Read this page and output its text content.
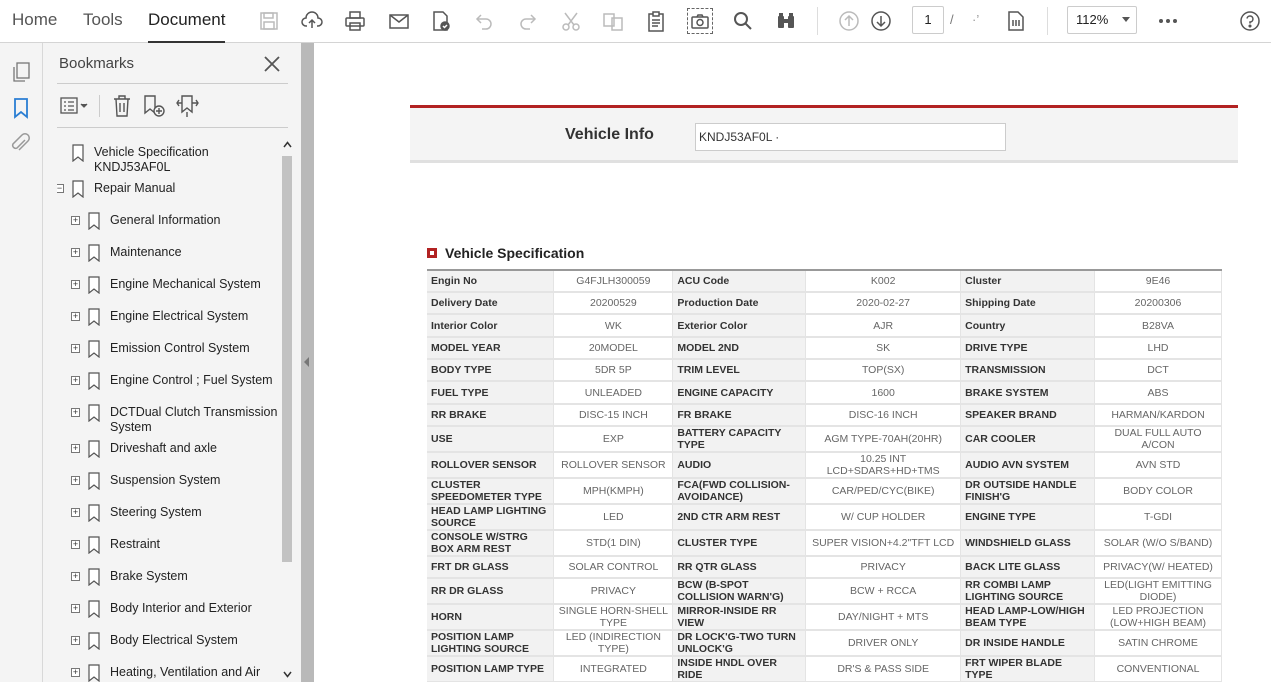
Home Tools Document	1	/ ·’	112%
Bookmarks
Vehicle Specification KNDJ53AF0L
−	Repair Manual
+	General Information
+	Maintenance
+	Engine Mechanical System
+	Engine Electrical System
+	Emission Control System
+	Engine Control ; Fuel System
+	DCTDual Clutch Transmission System
+	Driveshaft and axle
+	Suspension System
+	Steering System
+	Restraint
+	Brake System
+	Body Interior and Exterior
+	Body Electrical System
+	Heating, Ventilation and Air
Vehicle Info	KNDJ53AF0L ·
Vehicle Specification
Engin No	G4FJLH300059	ACU Code	K002	Cluster	9E46
Delivery Date	20200529	Production Date	2020-02-27	Shipping Date	20200306
Interior Color	WK	Exterior Color	AJR	Country	B28VA
MODEL YEAR	20MODEL	MODEL 2ND	SK	DRIVE TYPE	LHD
BODY TYPE	5DR 5P	TRIM LEVEL	TOP(SX)	TRANSMISSION	DCT
FUEL TYPE	UNLEADED	ENGINE CAPACITY	1600	BRAKE SYSTEM	ABS
RR BRAKE	DISC-15 INCH	FR BRAKE	DISC-16 INCH	SPEAKER BRAND	HARMAN/KARDON
USE	EXP	BATTERY CAPACITY TYPE	AGM TYPE-70AH(20HR)	CAR COOLER	DUAL FULL AUTO A/CON
ROLLOVER SENSOR	ROLLOVER SENSOR	AUDIO	10.25 INT LCD+SDARS+HD+TMS	AUDIO AVN SYSTEM	AVN STD
CLUSTER SPEEDOMETER TYPE	MPH(KMPH)	FCA(FWD COLLISION-AVOIDANCE)	CAR/PED/CYC(BIKE)	DR OUTSIDE HANDLE FINISH'G	BODY COLOR
HEAD LAMP LIGHTING SOURCE	LED	2ND CTR ARM REST	W/ CUP HOLDER	ENGINE TYPE	T-GDI
CONSOLE W/STRG BOX ARM REST	STD(1 DIN)	CLUSTER TYPE	SUPER VISION+4.2"TFT LCD	WINDSHIELD GLASS	SOLAR (W/O S/BAND)
FRT DR GLASS	SOLAR CONTROL	RR QTR GLASS	PRIVACY	BACK LITE GLASS	PRIVACY(W/ HEATED)
RR DR GLASS	PRIVACY	BCW (B-SPOT COLLISION WARN'G)	BCW + RCCA	RR COMBI LAMP LIGHTING SOURCE	LED(LIGHT EMITTING DIODE)
HORN	SINGLE HORN-SHELL TYPE	MIRROR-INSIDE RR VIEW	DAY/NIGHT + MTS	HEAD LAMP-LOW/HIGH BEAM TYPE	LED PROJECTION (LOW+HIGH BEAM)
POSITION LAMP LIGHTING SOURCE	LED (INDIRECTION TYPE)	DR LOCK'G-TWO TURN UNLOCK'G	DRIVER ONLY	DR INSIDE HANDLE	SATIN CHROME
POSITION LAMP TYPE	INTEGRATED	INSIDE HNDL OVER RIDE	DR'S & PASS SIDE	FRT WIPER BLADE TYPE	CONVENTIONAL
